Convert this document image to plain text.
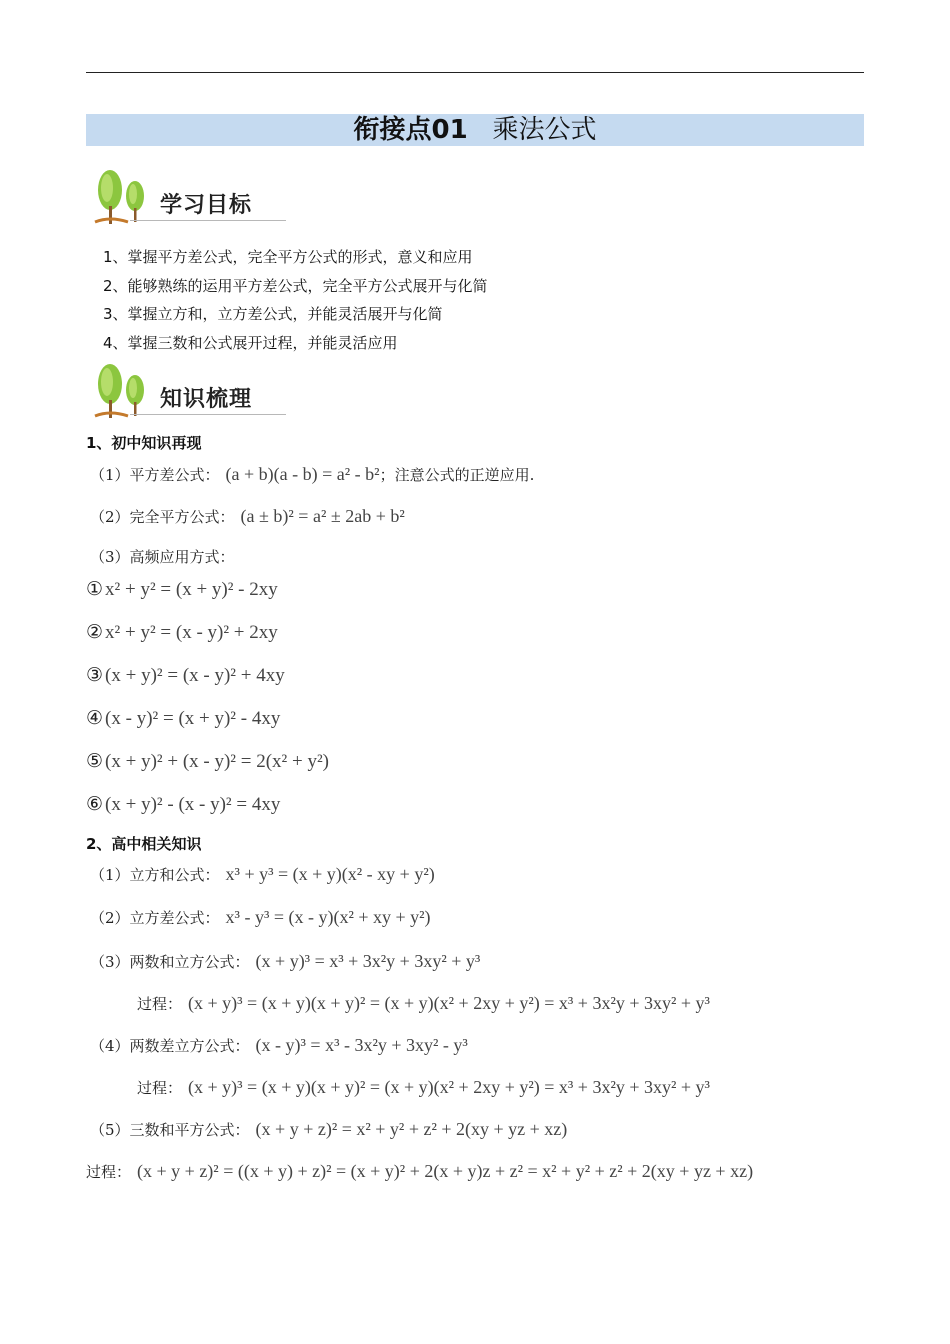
衔接点01 乘法公式
学习目标
1、掌握平方差公式，完全平方公式的形式，意义和应用
2、能够熟练的运用平方差公式，完全平方公式展开与化简
3、掌握立方和，立方差公式，并能灵活展开与化简
4、掌握三数和公式展开过程，并能灵活应用
知识梳理
1、初中知识再现
（1）平方差公式： (a + b)(a - b) = a² - b²；注意公式的正逆应用.
（2）完全平方公式： (a ± b)² = a² ± 2ab + b²
（3）高频应用方式：
① x² + y² = (x + y)² - 2xy
② x² + y² = (x - y)² + 2xy
③ (x + y)² = (x - y)² + 4xy
④ (x - y)² = (x + y)² - 4xy
⑤ (x + y)² + (x - y)² = 2(x² + y²)
⑥ (x + y)² - (x - y)² = 4xy
2、高中相关知识
（1）立方和公式： x³ + y³ = (x + y)(x² - xy + y²)
（2）立方差公式： x³ - y³ = (x - y)(x² + xy + y²)
（3）两数和立方公式： (x + y)³ = x³ + 3x²y + 3xy² + y³
过程： (x + y)³ = (x + y)(x + y)² = (x + y)(x² + 2xy + y²) = x³ + 3x²y + 3xy² + y³
（4）两数差立方公式： (x - y)³ = x³ - 3x²y + 3xy² - y³
过程： (x + y)³ = (x + y)(x + y)² = (x + y)(x² + 2xy + y²) = x³ + 3x²y + 3xy² + y³
（5）三数和平方公式： (x + y + z)² = x² + y² + z² + 2(xy + yz + xz)
过程： (x + y + z)² = ((x + y) + z)² = (x + y)² + 2(x + y)z + z² = x² + y² + z² + 2(xy + yz + xz)
